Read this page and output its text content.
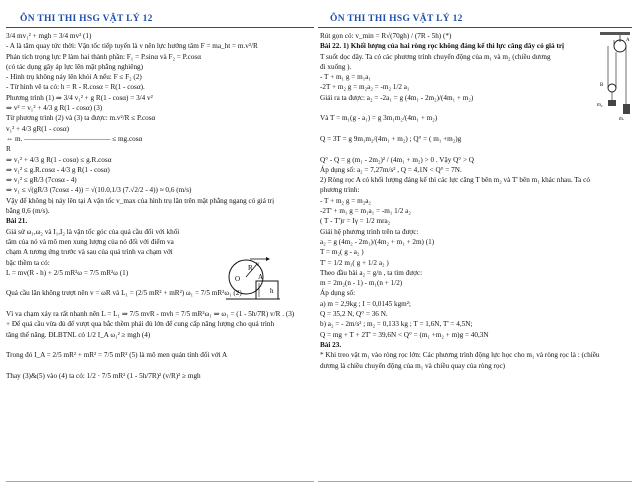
ÔN THI THI HSG VẬT LÝ 12	ÔN THI THI HSG VẬT LÝ 12
3/4 mv₁² + mgh = 3/4 mv² (1)
- A là tâm quay tức thời: Vận tốc tiếp tuyến là v nên lực hướng tâm F = ma_ht = m.v²/R
Phản tích trọng lực P làm hai thành phần: F₁ = P.sinα và F₂ = P.cosα
(có tác dụng gây áp lực lên mặt phẳng nghiêng)
- Hình trụ không nảy lên khỏi A nếu: F ≤ F₂ (2)
- Từ hình vẽ ta có: h = R - R.cosα = R(1 - cosα).
Phương trình (1) ⇒ 3/4 v₁² + g R(1 - cosα) = 3/4 v²
⇒ v² = v₁² + 4/3 g R(1 - cosα) (3)
Từ phương trình (2) và (3) ta được: m.v²/R ≤ P.cosα
v₁² + 4/3 gR(1 - cosα)
⇔ m. ———————————— ≤ mg.cosα
R
⇒ v₁² + 4/3 g R(1 - cosα) ≤ g.R.cosα
⇒ v₁² ≤ g.R.cosα - 4/3 g R(1 - cosα)
⇒ v₁² ≤ gR/3 (7cosα - 4)
⇒ v₁ ≤ √(gR/3 (7cosα - 4)) = √(10.0,1/3 (7.√2/2 - 4)) ≈ 0,6 (m/s)
Vậy để không bị nảy lên tại A vận tốc v_max của hình trụ lăn trên mặt phẳng ngang có giá trị
bằng 0,6 (m/s).
Bài 21.
Giả sử ω₁,ω₂ và I₁,I₂ là vận tốc góc của quả cầu đối với khối
tâm của nó và mô men xung lượng của nó đối với điểm va
chạm A tương ứng trước và sau của quả trình va chạm với
bậc thềm ta có:
L = mv(R - h) + 2/5 mR²ω = 7/5 mR²ω (1)

Quả cầu lăn không trượt nên v = ωR và L₁ = (2/5 mR² + mR²) ω₁ = 7/5 mR²ω₁ (2)

Vì va chạm xảy ra rất nhanh nên L = L₁ ⇒ 7/5 mvR - mvh = 7/5 mR²ω₁ ⇒ ω₁ = (1 - 5h/7R) v/R . (3)
+ Để quả cầu vừa đủ để vượt qua bắc thềm phải đủ lớn để cung cấp năng lượng cho quả trình
tăng thế năng. ĐLBTNL có 1/2 I_A ω₁² ≥ mgh (4)

Trong đó I_A = 2/5 mR² + mR² = 7/5 mR² (5) là mô men quán tính đối với A

Thay (3)&(5) vào (4) ta có: 1/2 · 7/5 mR² (1 - 5h/7R)² (v/R)² ≥ mgh
Rút gọn có: v_min = R√(70gh) / (7R - 5h) (*)
Bài 22. 1) Khối lượng của hai ròng rọc không đáng kể thì lực căng dây có giá trị
T suốt dọc dây. Ta có các phương trình chuyển động của m₁ và m₂ (chiều dương
đi xuống ).
- T + m₁ g = m₁a₁
-2T + m₂ g = m₂a₂ = -m₂ 1/2 a₁
Giải ra ta được: a₂ = -2a₁ = g (4m₁ - 2m₂)/(4m₁ + m₂)

Và T = m₁(g - a₁) = g 3m₁m₂/(4m₁ + m₂)

Q = 3T = g 9m₁m₂/(4m₁ + m₂) ; Q° = ( m₁ +m₂)g

Q° - Q = g (m₁ - 2m₂)² / (4m₁ + m₂) > 0 . Vậy Q° > Q
Áp dụng số: a₂ = 7,27m/s² , Q = 4,1N < Q° = 7N.
2) Ròng rọc A có khối lượng đáng kể thì các lực căng T bên m₂ và T' bên m₁ khác nhau. Ta có
phương trình:
- T + m₂ g = m₂a₂
-2T' + m₁ g = m₁a₁ = -m₁ 1/2 a₂
( T - T')r = Iγ = 1/2 mra₂
Giải hệ phương trình trên ta được:
a₂ = g (4m₂ - 2m₁)/(4m₂ + m₁ + 2m) (1)
T = m₂( g - a₂ )
T' = 1/2 m₁( g + 1/2 a₂ )
Theo đầu bài a₂ = g/n , ta tìm được:
m = 2m₂(n - 1) - m₁(n + 1/2)
Áp dụng số:
a) m = 2,9kg ; I = 0,0145 kgm²;
Q = 35,2 N, Q° = 36 N.
b) a₂ = - 2m/s² ; m₂ = 0,133 kg ; T = 1,6N, T' = 4,5N;
Q = mg + T + 2T' = 39,6N < Q° = (m₁ +m₂ + m)g = 40,3N
Bài 23.
* Khi treo vật m₁ vào ròng rọc lớn: Các phương trình động lực học cho m₁ và ròng rọc là : (chiều
dương là chiều chuyển động của m₁ và chiều quay của ròng rọc)
O
R v
A
h
A
B
m₁
m₂
